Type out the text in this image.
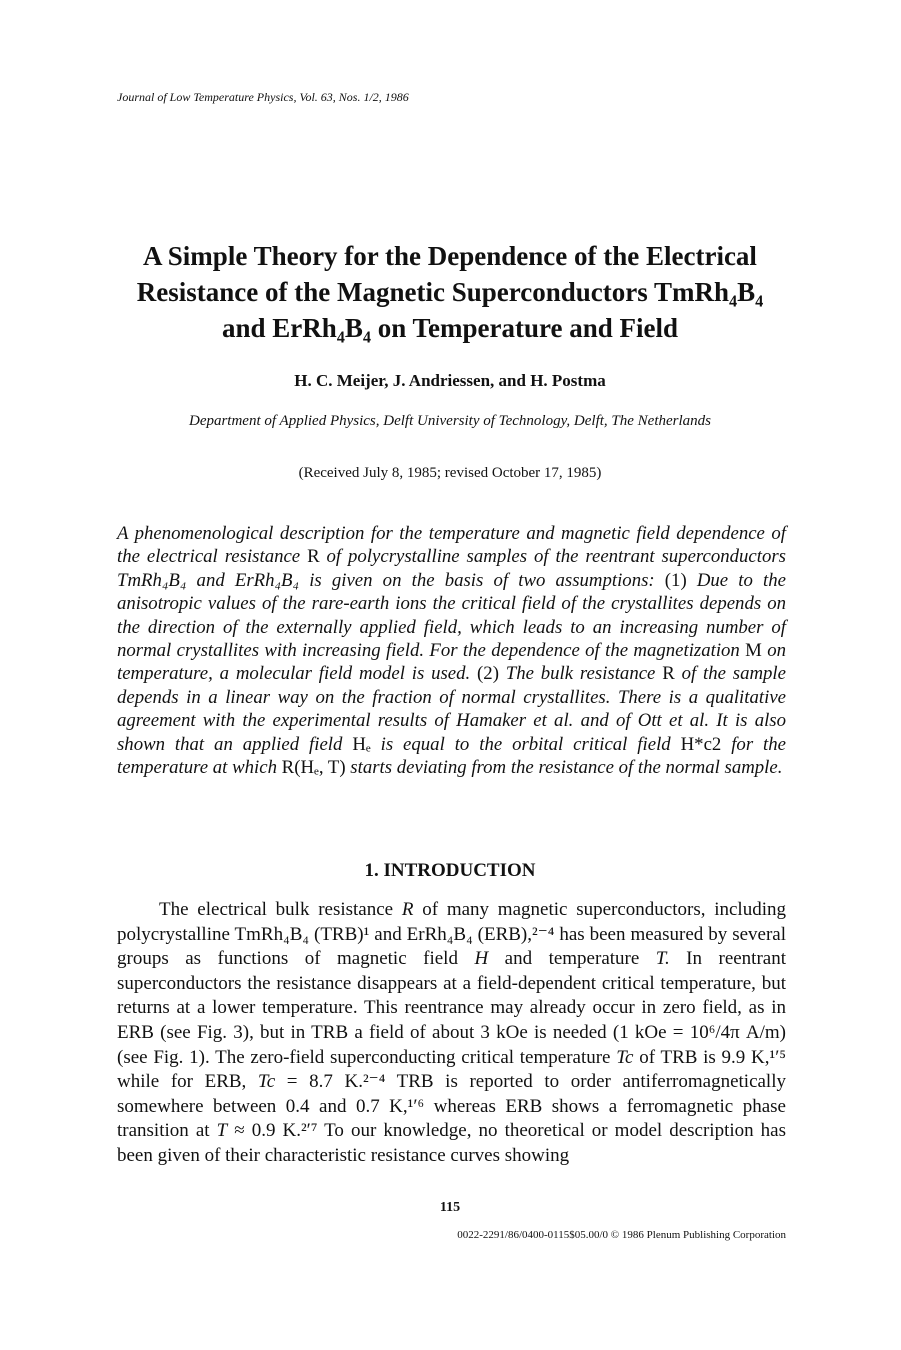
Journal of Low Temperature Physics, Vol. 63, Nos. 1/2, 1986

A Simple Theory for the Dependence of the Electrical
Resistance of the Magnetic Superconductors TmRh₄B₄
and ErRh₄B₄ on Temperature and Field

H. C. Meijer, J. Andriessen, and H. Postma

Department of Applied Physics, Delft University of Technology, Delft, The Netherlands

(Received July 8, 1985; revised October 17, 1985)

A phenomenological description for the temperature and magnetic field dependence of the electrical resistance R of polycrystalline samples of the reentrant superconductors TmRh₄B₄ and ErRh₄B₄ is given on the basis of two assumptions: (1) Due to the anisotropic values of the rare-earth ions the critical field of the crystallites depends on the direction of the externally applied field, which leads to an increasing number of normal crystallites with increasing field. For the dependence of the magnetization M on temperature, a molecular field model is used. (2) The bulk resistance R of the sample depends in a linear way on the fraction of normal crystallites. There is a qualitative agreement with the experimental results of Hamaker et al. and of Ott et al. It is also shown that an applied field Hₑ is equal to the orbital critical field H*c2 for the temperature at which R(Hₑ, T) starts deviating from the resistance of the normal sample.

1. INTRODUCTION

The electrical bulk resistance R of many magnetic superconductors, including polycrystalline TmRh₄B₄ (TRB)¹ and ErRh₄B₄ (ERB),²⁻⁴ has been measured by several groups as functions of magnetic field H and temperature T. In reentrant superconductors the resistance disappears at a field-dependent critical temperature, but returns at a lower temperature. This reentrance may already occur in zero field, as in ERB (see Fig. 3), but in TRB a field of about 3 kOe is needed (1 kOe = 10⁶/4π A/m) (see Fig. 1). The zero-field superconducting critical temperature Tc of TRB is 9.9 K,¹ʹ⁵ while for ERB, Tc = 8.7 K.²⁻⁴ TRB is reported to order antiferromagnetically somewhere between 0.4 and 0.7 K,¹ʹ⁶ whereas ERB shows a ferromagnetic phase transition at T ≈ 0.9 K.²ʹ⁷ To our knowledge, no theoretical or model description has been given of their characteristic resistance curves showing

115

0022-2291/86/0400-0115$05.00/0 © 1986 Plenum Publishing Corporation
